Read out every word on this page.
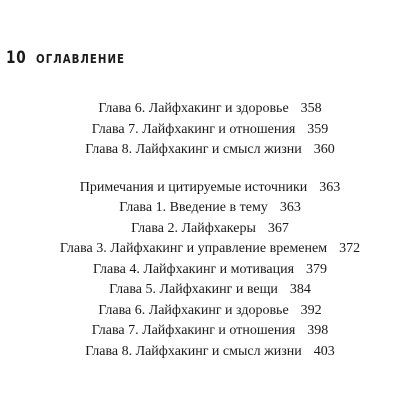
10 ОГЛАВЛЕНИЕ
Глава 6. Лайфхакинг и здоровье 358
Глава 7. Лайфхакинг и отношения 359
Глава 8. Лайфхакинг и смысл жизни 360
Примечания и цитируемые источники 363
Глава 1. Введение в тему 363
Глава 2. Лайфхакеры 367
Глава 3. Лайфхакинг и управление временем 372
Глава 4. Лайфхакинг и мотивация 379
Глава 5. Лайфхакинг и вещи 384
Глава 6. Лайфхакинг и здоровье 392
Глава 7. Лайфхакинг и отношения 398
Глава 8. Лайфхакинг и смысл жизни 403
